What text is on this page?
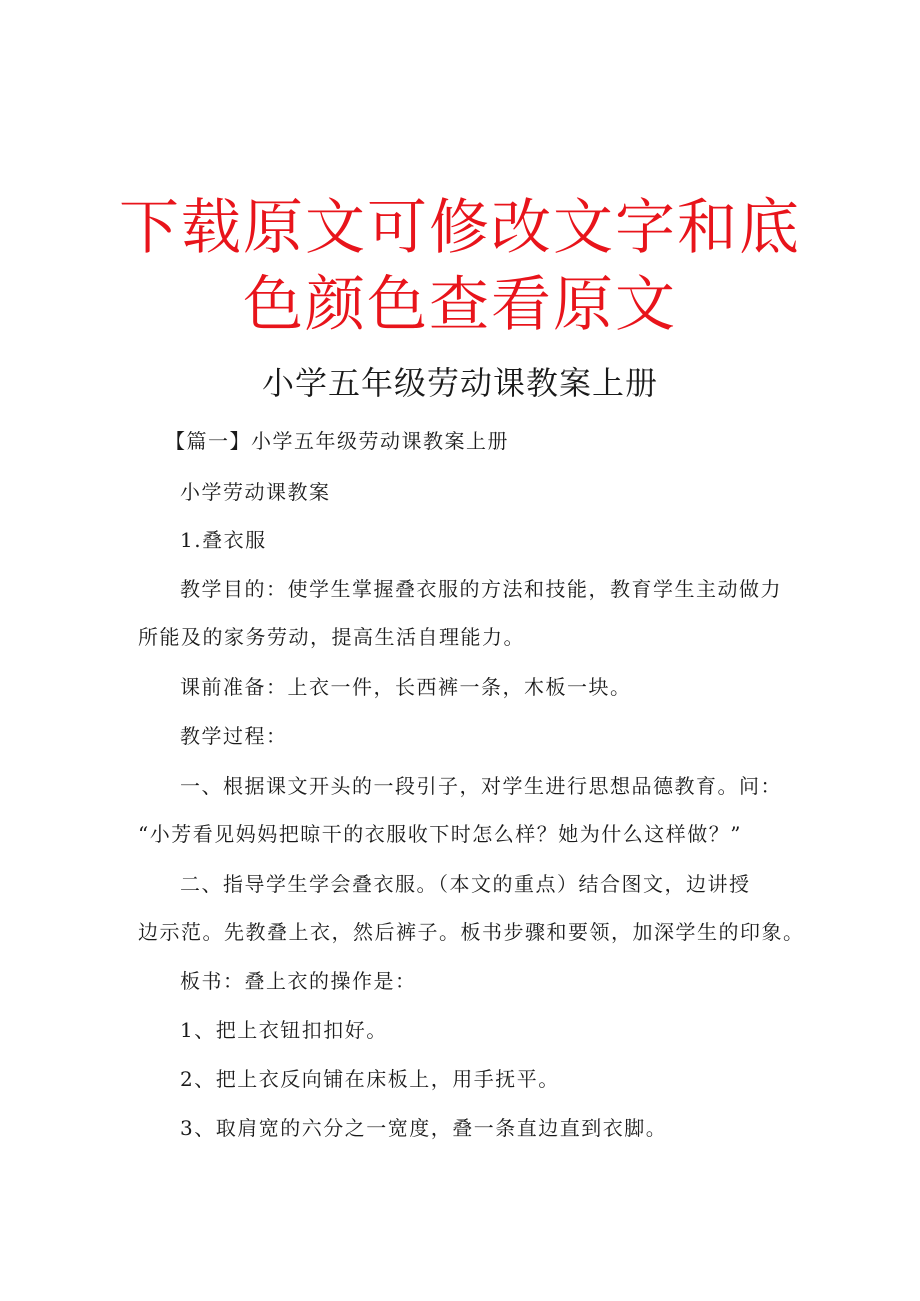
下载原文可修改文字和底
色颜色查看原文
小学五年级劳动课教案上册
【篇一】小学五年级劳动课教案上册
小学劳动课教案
1.叠衣服
教学目的：使学生掌握叠衣服的方法和技能，教育学生主动做力
所能及的家务劳动，提高生活自理能力。
课前准备：上衣一件，长西裤一条，木板一块。
教学过程：
一、根据课文开头的一段引子，对学生进行思想品德教育。问：
“小芳看见妈妈把晾干的衣服收下时怎么样？她为什么这样做？”
二、指导学生学会叠衣服。（本文的重点）结合图文，边讲授
边示范。先教叠上衣，然后裤子。板书步骤和要领，加深学生的印象。
板书：叠上衣的操作是：
1、把上衣钮扣扣好。
2、把上衣反向铺在床板上，用手抚平。
3、取肩宽的六分之一宽度，叠一条直边直到衣脚。
